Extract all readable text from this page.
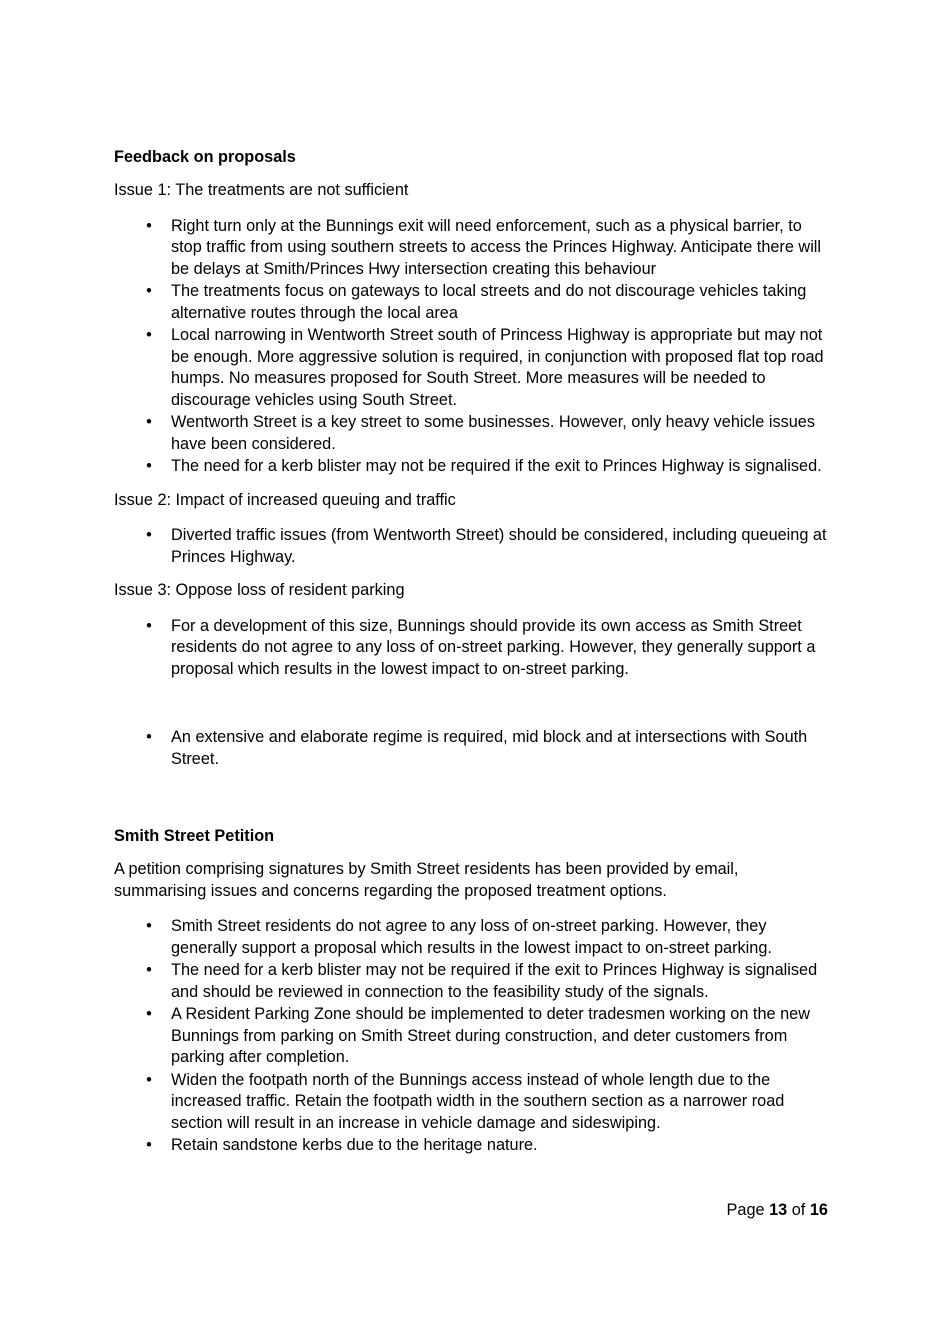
Feedback on proposals

Issue 1: The treatments are not sufficient

• Right turn only at the Bunnings exit will need enforcement, such as a physical barrier, to stop traffic from using southern streets to access the Princes Highway. Anticipate there will be delays at Smith/Princes Hwy intersection creating this behaviour
• The treatments focus on gateways to local streets and do not discourage vehicles taking alternative routes through the local area
• Local narrowing in Wentworth Street south of Princess Highway is appropriate but may not be enough. More aggressive solution is required, in conjunction with proposed flat top road humps. No measures proposed for South Street. More measures will be needed to discourage vehicles using South Street.
• Wentworth Street is a key street to some businesses. However, only heavy vehicle issues have been considered.
• The need for a kerb blister may not be required if the exit to Princes Highway is signalised.

Issue 2: Impact of increased queuing and traffic

• Diverted traffic issues (from Wentworth Street) should be considered, including queueing at Princes Highway.

Issue 3: Oppose loss of resident parking

• For a development of this size, Bunnings should provide its own access as Smith Street residents do not agree to any loss of on-street parking. However, they generally support a proposal which results in the lowest impact to on-street parking.
• An extensive and elaborate regime is required, mid block and at intersections with South Street.
Smith Street Petition

A petition comprising signatures by Smith Street residents has been provided by email, summarising issues and concerns regarding the proposed treatment options.

• Smith Street residents do not agree to any loss of on-street parking. However, they generally support a proposal which results in the lowest impact to on-street parking.
• The need for a kerb blister may not be required if the exit to Princes Highway is signalised and should be reviewed in connection to the feasibility study of the signals.
• A Resident Parking Zone should be implemented to deter tradesmen working on the new Bunnings from parking on Smith Street during construction, and deter customers from parking after completion.
• Widen the footpath north of the Bunnings access instead of whole length due to the increased traffic. Retain the footpath width in the southern section as a narrower road section will result in an increase in vehicle damage and sideswiping.
• Retain sandstone kerbs due to the heritage nature.
Page 13 of 16
